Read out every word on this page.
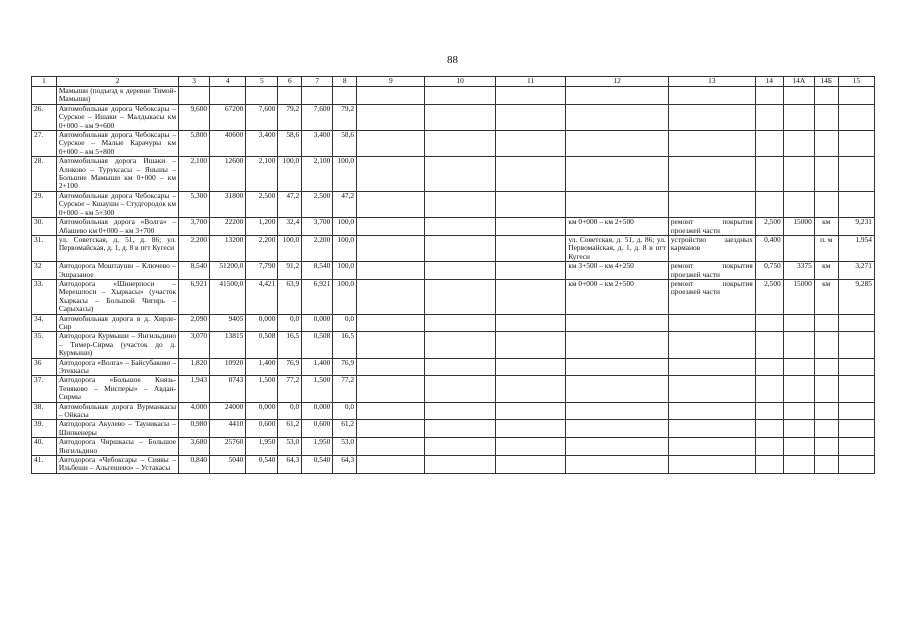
88
1	2	3	4	5	6	7	8	9	10	11	12	13	14	14А	14Б	15
	Мамыши (подъезд к деревне Тимой-Мамыши)															
26.	Автомобильная дорога Чебоксары – Сурское – Ишаки – Малдыкасы км 0+000 – км 9+600	9,600	67200	7,600	79,2	7,600	79,2									
27.	Автомобильная дорога Чебоксары – Сурское – Малые Карачуры км 0+000 – км 5+800	5,800	40600	3,400	58,6	3,400	58,6									
28.	Автомобильная дорога Ишаки – Алнково – Туруксасы – Яньшы – Большие Мамыши км 0+000 – км 2+100	2,100	12600	2,100	100,0	2,100	100,0									
29.	Автомобильная дорога Чебоксары – Сурское – Кшаушн – Студгородок км 0+000 – км 5+300	5,300	31800	2,500	47,2	2,500	47,2									
30.	Автомобильная дорога «Волга» – Абашево км 0+000 – км 3+700	3,700	22200	1,200	32,4	3,700	100,0				км 0+000 – км 2+500	ремонт покрытия проезжей части	2,500	15000	км	9,231
31.	ул. Советская, д. 51, д. 86; ул. Первомайская, д. 1, д. 8 в пгт Кугеси	2,200	13200	2,200	100,0	2,200	100,0				ул. Советская, д. 51, д. 86; ул. Первомайская, д. 1, д. 8 в пгт Кугеси	устройство заездных карманов	0,400		п. м	1,954
32	Автодорога Моштаушн – Ключево – Эшразаное	8,540	51200,0	7,790	91,2	8,540	100,0				км 3+500 – км 4+250	ремонт покрытия проезжей части	0,750	3375	км	3,271
33.	Автодорога «Шинерпоси – Мерешпоси – Хыркасы» (участок Хыркасы – Большой Чигирь – Сарыхасы)	6,921	41500,0	4,421	63,9	6,921	100,0				км 0+000 – км 2+500	ремонт покрытия проезжей части	2,500	15000	км	9,285
34.	Автомобильная дорога в д. Хирле-Сир	2,090	9405	0,000	0,0	0,000	0,0									
35.	Автодорога Курмыши – Янгильдино – Тимер-Сирма (участок до д. Курмыши)	3,070	13815	0,508	16,5	0,508	16,5									
36	Автодорога «Волга» – Байсубаково – Этеккасы	1,820	10920	1,400	76,9	1,400	76,9									
37.	Автодорога «Большое Князь-Теняково – Мисперы» – Авдан-Сирмы	1,943	8743	1,500	77,2	1,500	77,2									
38.	Автомобильная дорога Вурманкасы – Ойкасы	4,000	24000	0,000	0,0	0,000	0,0									
39.	Автодорога Акулево – Тауникасы – Шипкенеры	0,980	4410	0,600	61,2	0,600	61,2									
40.	Автодорога Чиршкасы – Большое Янгильдино	3,680	25760	1,950	53,0	1,950	53,0									
41.	Автодорога «Чебоксары – Сиявы – Ильбеши – Альгешево» – Устакасы	0,840	5040	0,540	64,3	0,540	64,3									
